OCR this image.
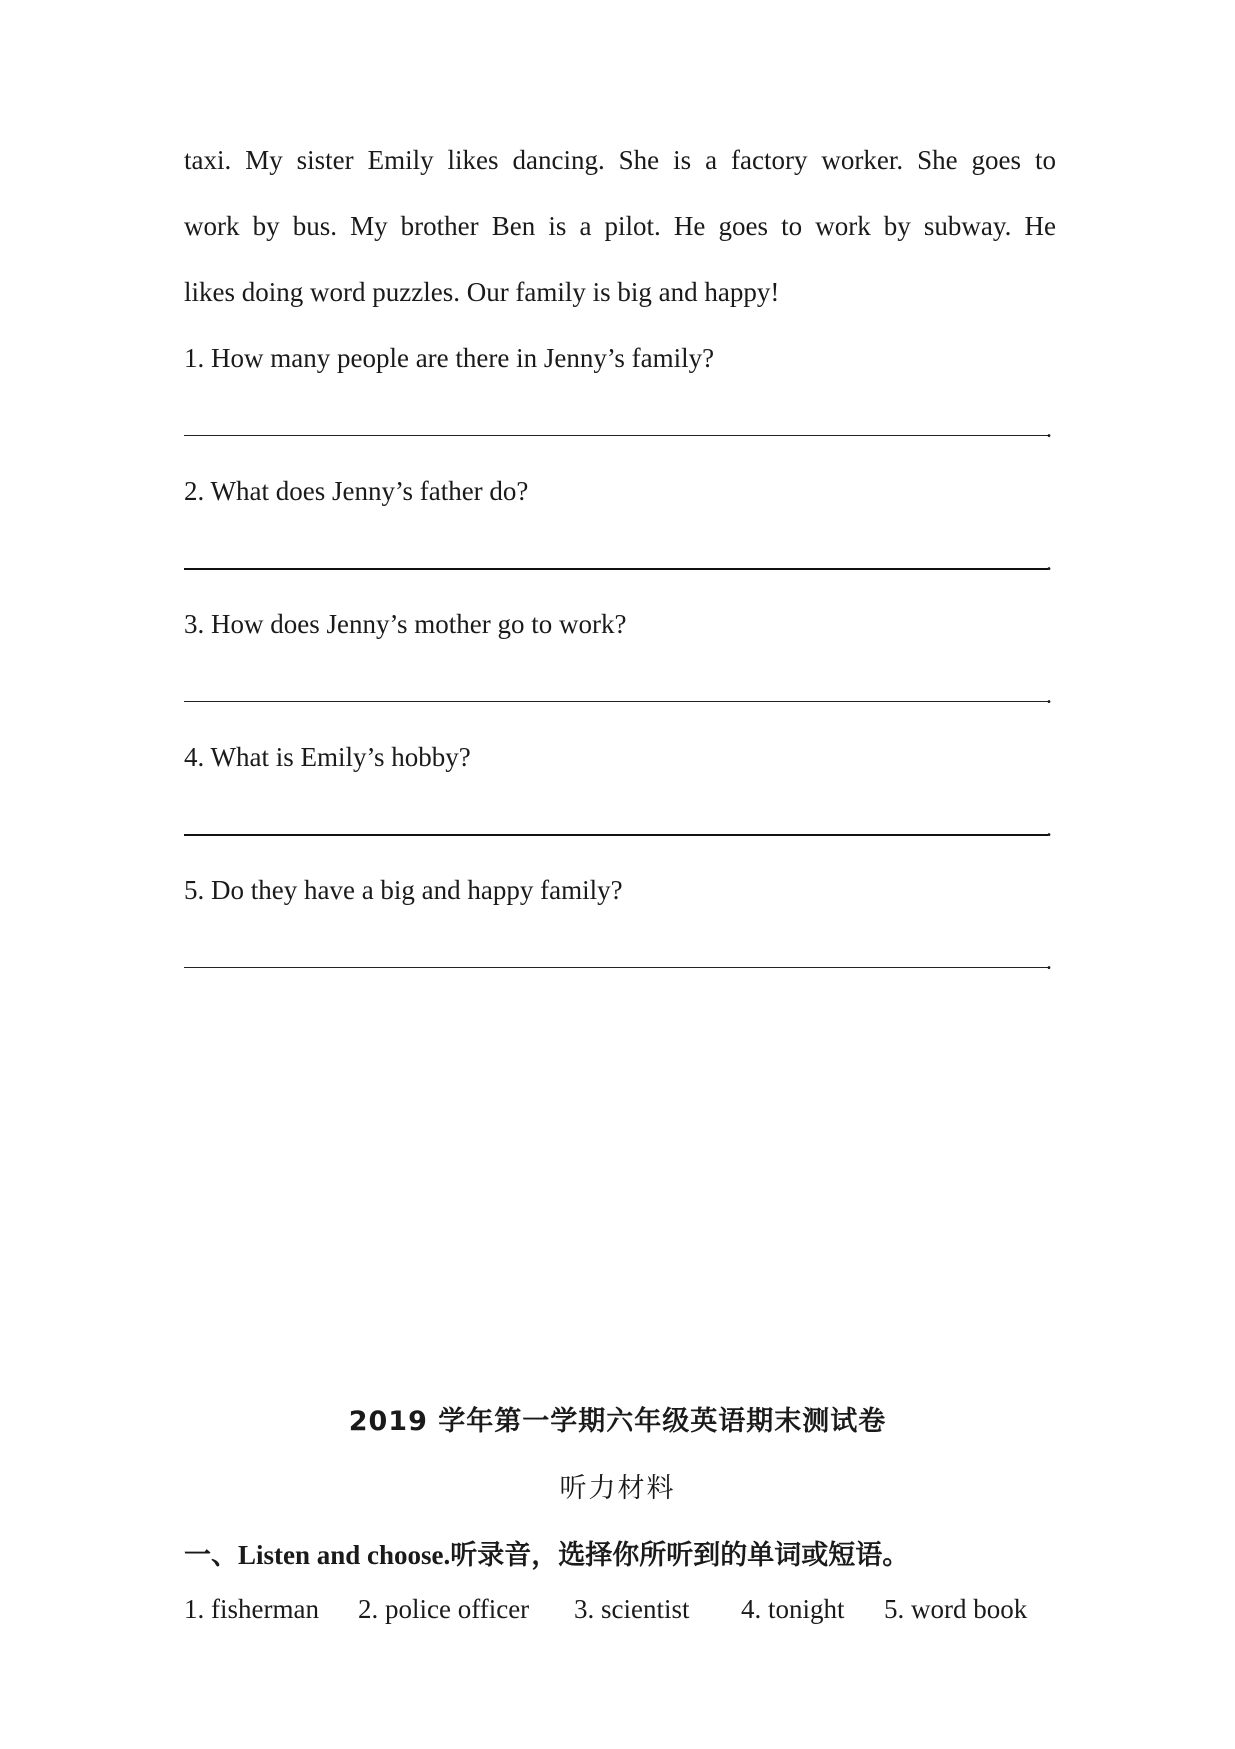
taxi. My sister Emily likes dancing. She is a factory worker. She goes to
work by bus. My brother Ben is a pilot. He goes to work by subway. He
likes doing word puzzles. Our family is big and happy!
1. How many people are there in Jenny’s family?
.
2. What does Jenny’s father do?
.
3. How does Jenny’s mother go to work?
.
4. What is Emily’s hobby?
.
5. Do they have a big and happy family?
.
2019 学年第一学期六年级英语期末测试卷
听力材料
一、Listen and choose.听录音，选择你所听到的单词或短语。
1. fisherman 2. police officer 3. scientist 4. tonight 5. word book
